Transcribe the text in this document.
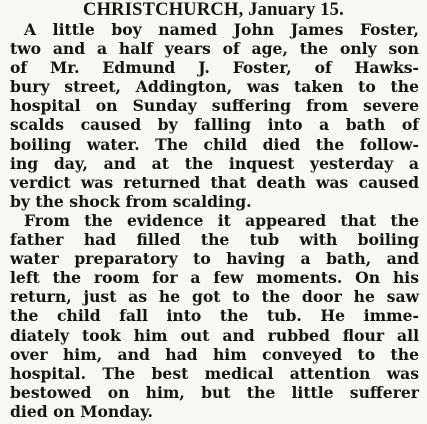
CHRISTCHURCH, January 15.
A little boy named John James Foster,
two and a half years of age, the only son
of Mr. Edmund J. Foster, of Hawks-
bury street, Addington, was taken to the
hospital on Sunday suffering from severe
scalds caused by falling into a bath of
boiling water. The child died the follow-
ing day, and at the inquest yesterday a
verdict was returned that death was caused
by the shock from scalding.
From the evidence it appeared that the
father had filled the tub with boiling
water preparatory to having a bath, and
left the room for a few moments. On his
return, just as he got to the door he saw
the child fall into the tub. He imme-
diately took him out and rubbed flour all
over him, and had him conveyed to the
hospital. The best medical attention was
bestowed on him, but the little sufferer
died on Monday.
